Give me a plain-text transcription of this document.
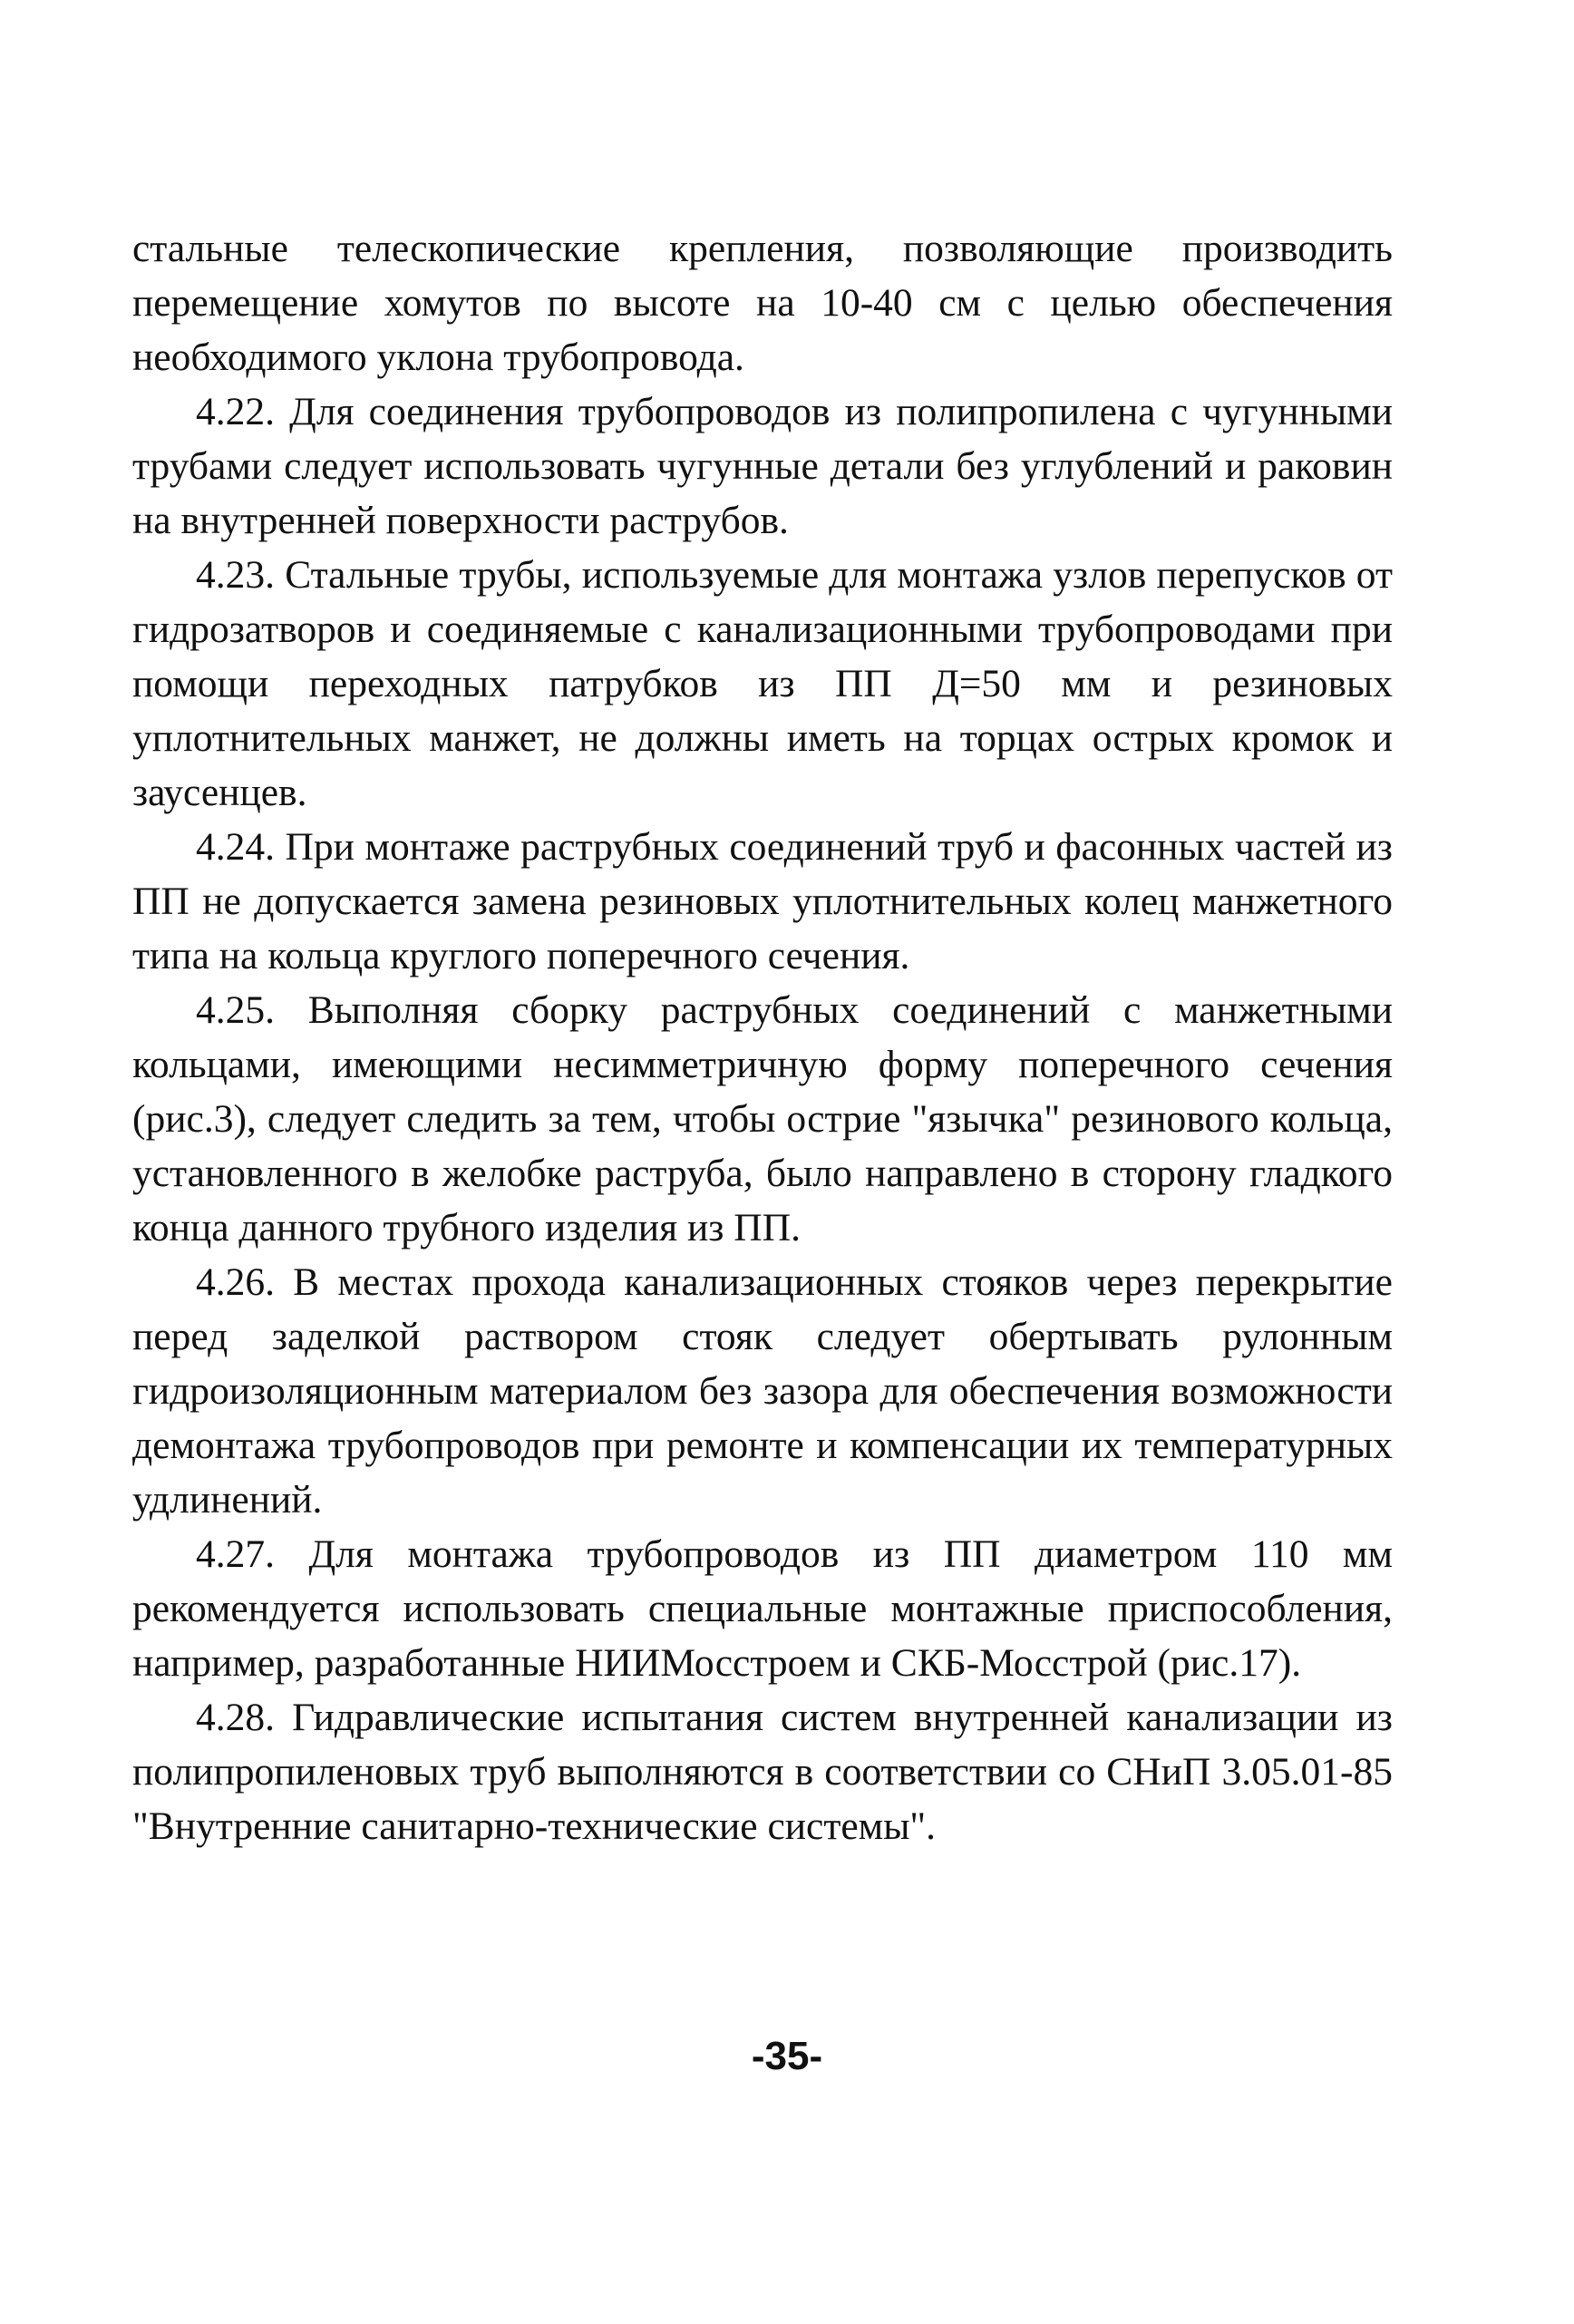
стальные телескопические крепления, позволяющие производить перемещение хомутов по высоте на 10-40 см с целью обеспечения необходимого уклона трубопровода.

4.22. Для соединения трубопроводов из полипропилена с чугунными трубами следует использовать чугунные детали без углублений и раковин на внутренней поверхности раструбов.

4.23. Стальные трубы, используемые для монтажа узлов перепусков от гидрозатворов и соединяемые с канализационными трубопроводами при помощи переходных патрубков из ПП Д=50 мм и резиновых уплотнительных манжет, не должны иметь на торцах острых кромок и заусенцев.

4.24. При монтаже раструбных соединений труб и фасонных частей из ПП не допускается замена резиновых уплотнительных колец манжетного типа на кольца круглого поперечного сечения.

4.25. Выполняя сборку раструбных соединений с манжетными кольцами, имеющими несимметричную форму поперечного сечения (рис.3), следует следить за тем, чтобы острие "язычка" резинового кольца, установленного в желобке раструба, было направлено в сторону гладкого конца данного трубного изделия из ПП.

4.26. В местах прохода канализационных стояков через перекрытие перед заделкой раствором стояк следует обертывать рулонным гидроизоляционным материалом без зазора для обеспечения возможности демонтажа трубопроводов при ремонте и компенсации их температурных удлинений.

4.27. Для монтажа трубопроводов из ПП диаметром 110 мм рекомендуется использовать специальные монтажные приспособления, например, разработанные НИИМосстроем и СКБ-Мосстрой (рис.17).

4.28. Гидравлические испытания систем внутренней канализации из полипропиленовых труб выполняются в соответствии со СНиП 3.05.01-85 "Внутренние санитарно-технические системы".

-35-
